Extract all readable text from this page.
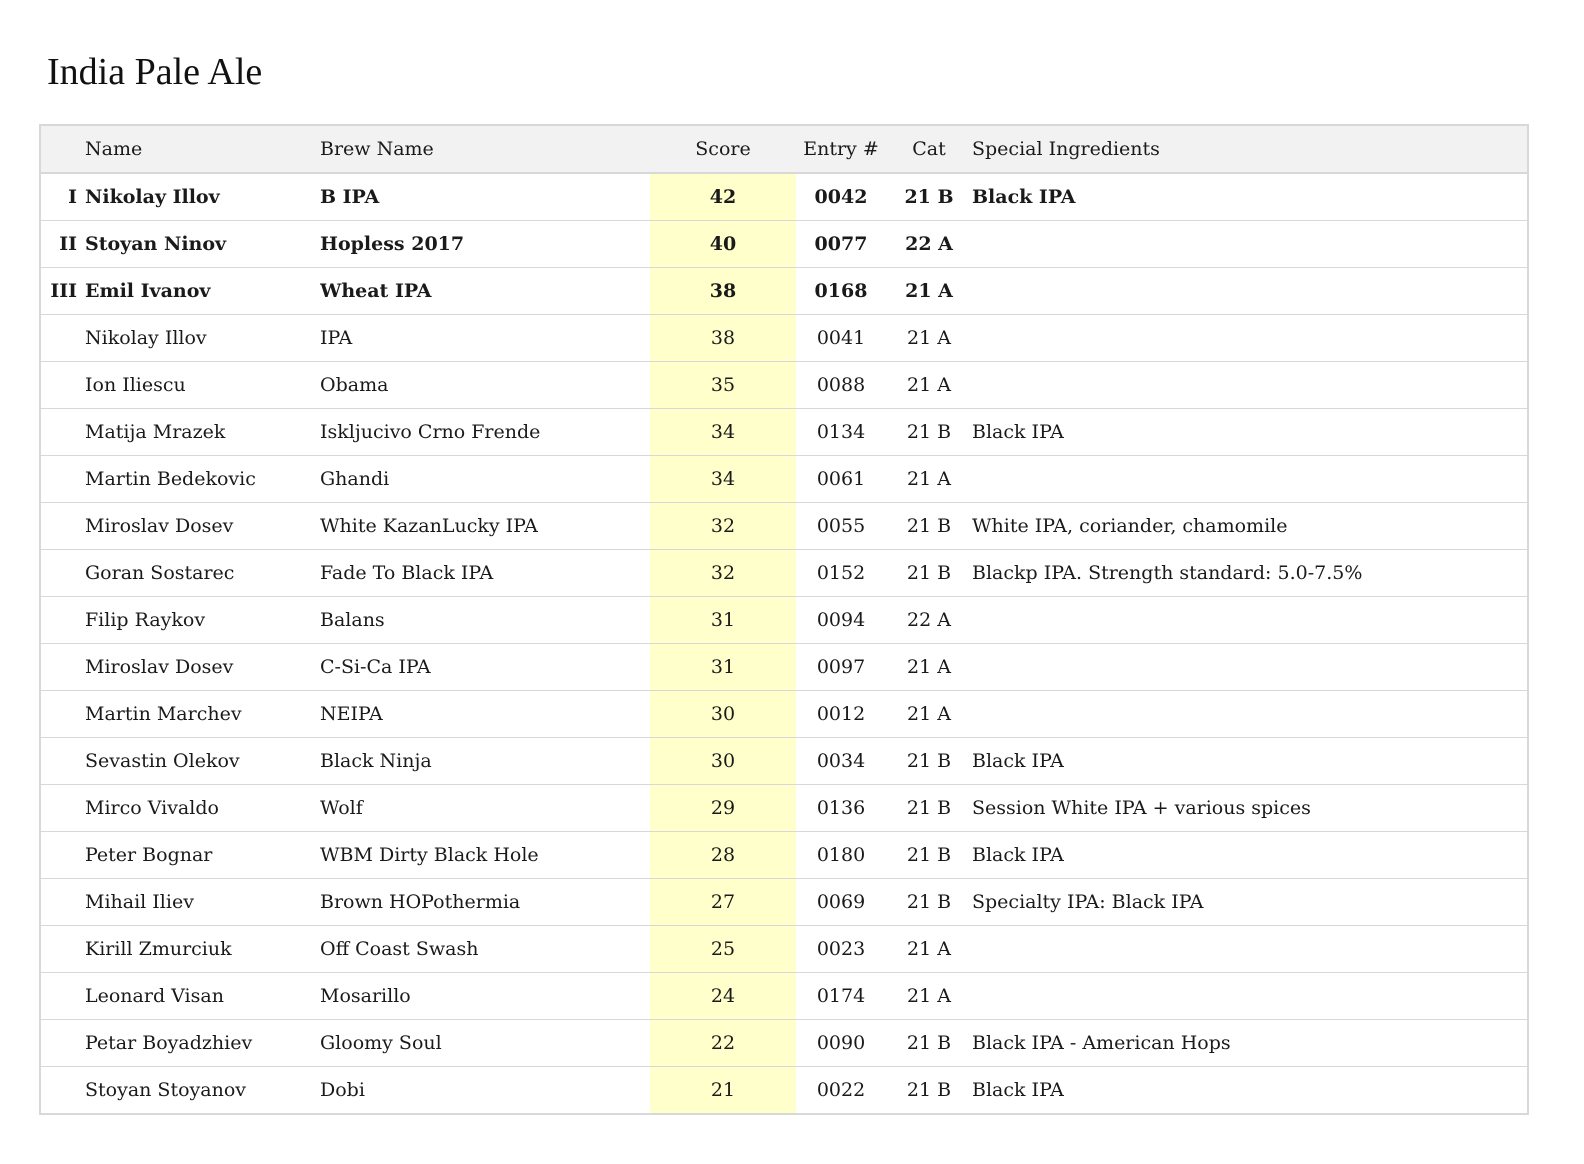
India Pale Ale
	Name	Brew Name	Score	Entry #	Cat	Special Ingredients
I	Nikolay Illov	B IPA	42	0042	21 B	Black IPA
II	Stoyan Ninov	Hopless 2017	40	0077	22 A	
III	Emil Ivanov	Wheat IPA	38	0168	21 A	
	Nikolay Illov	IPA	38	0041	21 A	
	Ion Iliescu	Obama	35	0088	21 A	
	Matija Mrazek	Iskljucivo Crno Frende	34	0134	21 B	Black IPA
	Martin Bedekovic	Ghandi	34	0061	21 A	
	Miroslav Dosev	White KazanLucky IPA	32	0055	21 B	White IPA, coriander, chamomile
	Goran Sostarec	Fade To Black IPA	32	0152	21 B	Blackp IPA. Strength standard: 5.0-7.5%
	Filip Raykov	Balans	31	0094	22 A	
	Miroslav Dosev	C-Si-Ca IPA	31	0097	21 A	
	Martin Marchev	NEIPA	30	0012	21 A	
	Sevastin Olekov	Black Ninja	30	0034	21 B	Black IPA
	Mirco Vivaldo	Wolf	29	0136	21 B	Session White IPA + various spices
	Peter Bognar	WBM Dirty Black Hole	28	0180	21 B	Black IPA
	Mihail Iliev	Brown HOPothermia	27	0069	21 B	Specialty IPA: Black IPA
	Kirill Zmurciuk	Off Coast Swash	25	0023	21 A	
	Leonard Visan	Mosarillo	24	0174	21 A	
	Petar Boyadzhiev	Gloomy Soul	22	0090	21 B	Black IPA - American Hops
	Stoyan Stoyanov	Dobi	21	0022	21 B	Black IPA
